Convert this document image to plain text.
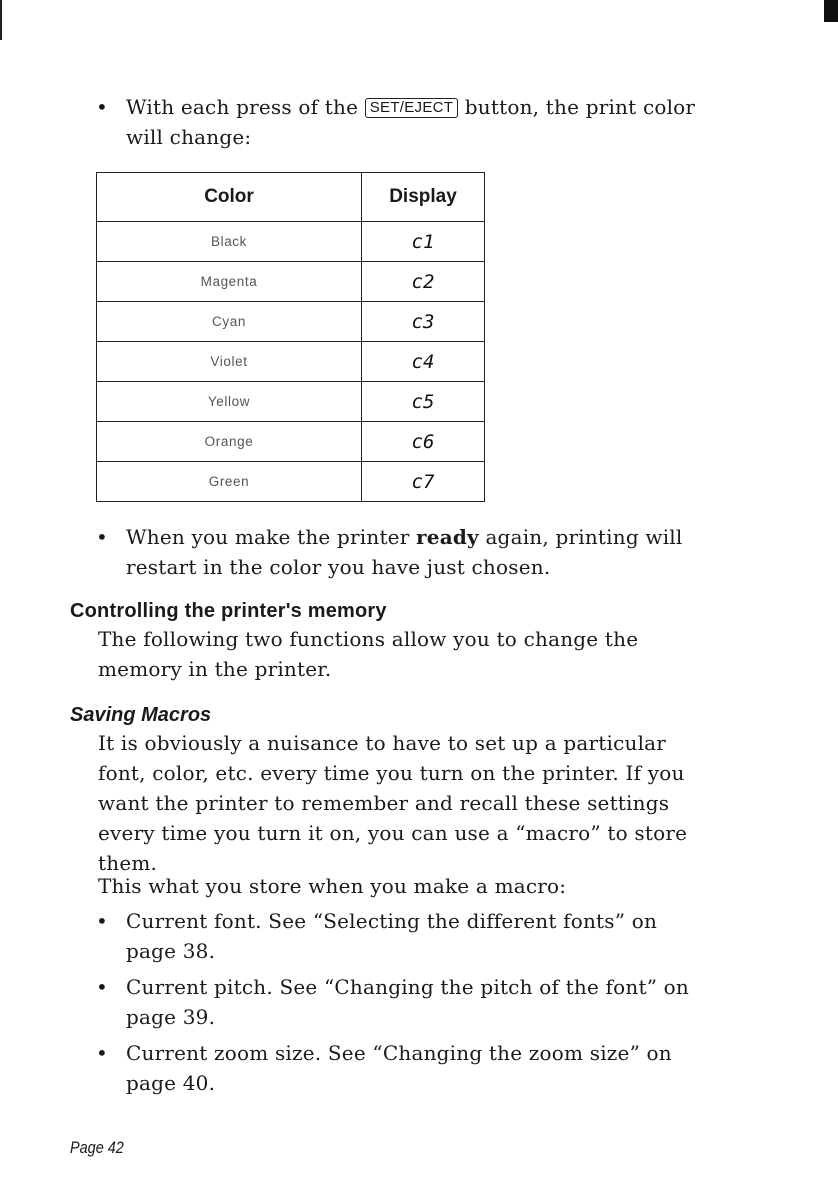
• With each press of the SET/EJECT button, the print color will change:
Color	Display
Black	c1
Magenta	c2
Cyan	c3
Violet	c4
Yellow	c5
Orange	c6
Green	c7
• When you make the printer ready again, printing will restart in the color you have just chosen.
Controlling the printer's memory
The following two functions allow you to change the memory in the printer.
Saving Macros
It is obviously a nuisance to have to set up a particular font, color, etc. every time you turn on the printer. If you want the printer to remember and recall these settings every time you turn it on, you can use a “macro” to store them.
This what you store when you make a macro:
• Current font. See “Selecting the different fonts” on page 38.
• Current pitch. See “Changing the pitch of the font” on page 39.
• Current zoom size. See “Changing the zoom size” on page 40.
Page 42
